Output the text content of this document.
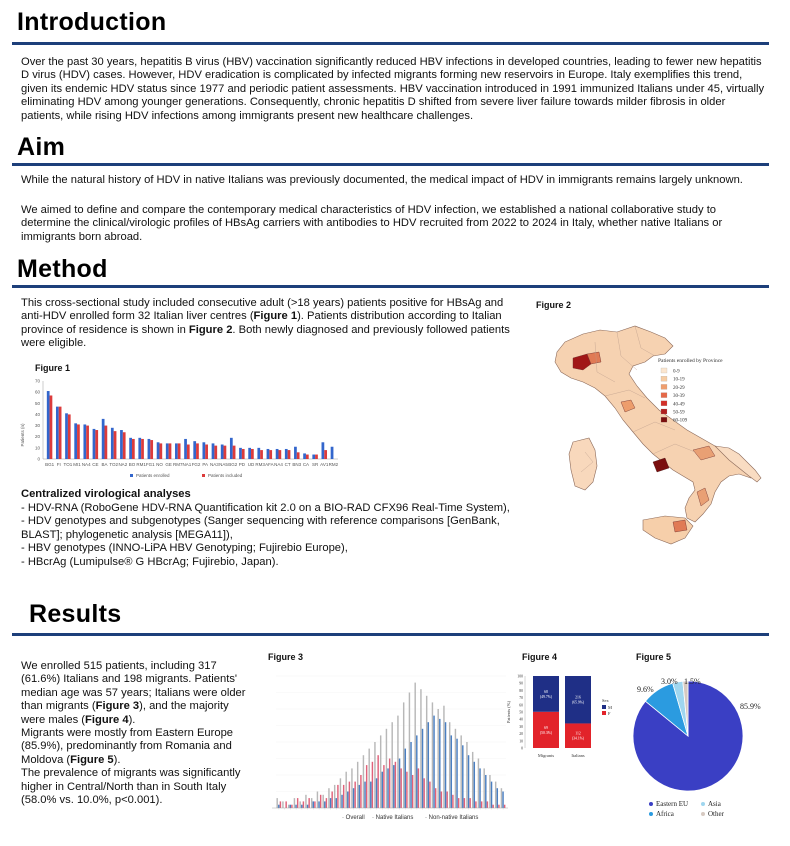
Introduction

Over the past 30 years, hepatitis B virus (HBV) vaccination significantly reduced HBV infections in developed countries, leading to fewer new hepatitis D virus (HDV) cases. However, HDV eradication is complicated by infected migrants forming new reservoirs in Europe. Italy exemplifies this trend, given its endemic HDV status since 1977 and periodic patient assessments. HBV vaccination introduced in 1991 immunized Italians under 45, virtually eliminating HDV among younger generations. Consequently, chronic hepatitis D shifted from severe liver failure towards milder fibrosis in older patients, while rising HDV infections among immigrants present new healthcare challenges.

Aim

While the natural history of HDV in native Italians was previously documented, the medical impact of HDV in immigrants remains largely unknown.

We aimed to define and compare the contemporary medical characteristics of HDV infection, we established a national collaborative study to determine the clinical/virologic profiles of HBsAg carriers with antibodies to HDV recruited from 2022 to 2024 in Italy, whether native Italians or immigrants born abroad.

Method

This cross-sectional study included consecutive adult (>18 years) patients positive for HBsAg and anti-HDV enrolled form 32 Italian liver centres (Figure 1). Patients distribution according to Italian province of residence is shown in Figure 2. Both newly diagnosed and previously followed patients were eligible.

Figure 1
Patients (n)
0
10
20
30
40
50
60
70
BG1 FI TO1 MI1 NA4 CE BA TO2 NA2 BO RM1 FG1 NO GE RM7 NA1 FG2 PA NA3 NA5 BG2 PD UD RM3 AFA NA4 CT BN3 CA SR AV1 RM2
Patients enrolled	Patients included
Centralized virological analyses
- HDV-RNA (RoboGene HDV-RNA Quantification kit 2.0 on a BIO-RAD CFX96 Real-Time System),
- HDV genotypes and subgenotypes (Sanger sequencing with reference comparisons [GenBank, BLAST]; phylogenetic analysis [MEGA11]),
- HBV genotypes (INNO-LiPA HBV Genotyping; Fujirebio Europe),
- HBcrAg (Lumipulse® G HBcrAg; Fujirebio, Japan).
Figure 2
Patients enrolled by Province
0-9
10-19
20-29
30-39
40-49
50-59
60-109
Results
We enrolled 515 patients, including 317 (61.6%) Italians and 198 migrants. Patients' median age was 57 years; Italians were older than migrants (Figure 3), and the majority were males (Figure 4).
Migrants were mostly from Eastern Europe (85.9%), predominantly from Romania and Moldova (Figure 5).
The prevalence of migrants was significantly higher in Central/North than in South Italy (58.0% vs. 10.0%, p<0.001).
Figure 3
· Overall · Native Italians · Non-native Italians
Figure 4
Patients (%)
0
10
20
30
40
50
60
70
80
90
100
68
(49.7%)
69
(50.3%)
Migrants
216
(65.9%)
112
(34.1%)
Italians
Sex
M
F
Figure 5
85.9%
9.6%
3.0% 1.5%
Eastern EU	Asia
Africa	Other
